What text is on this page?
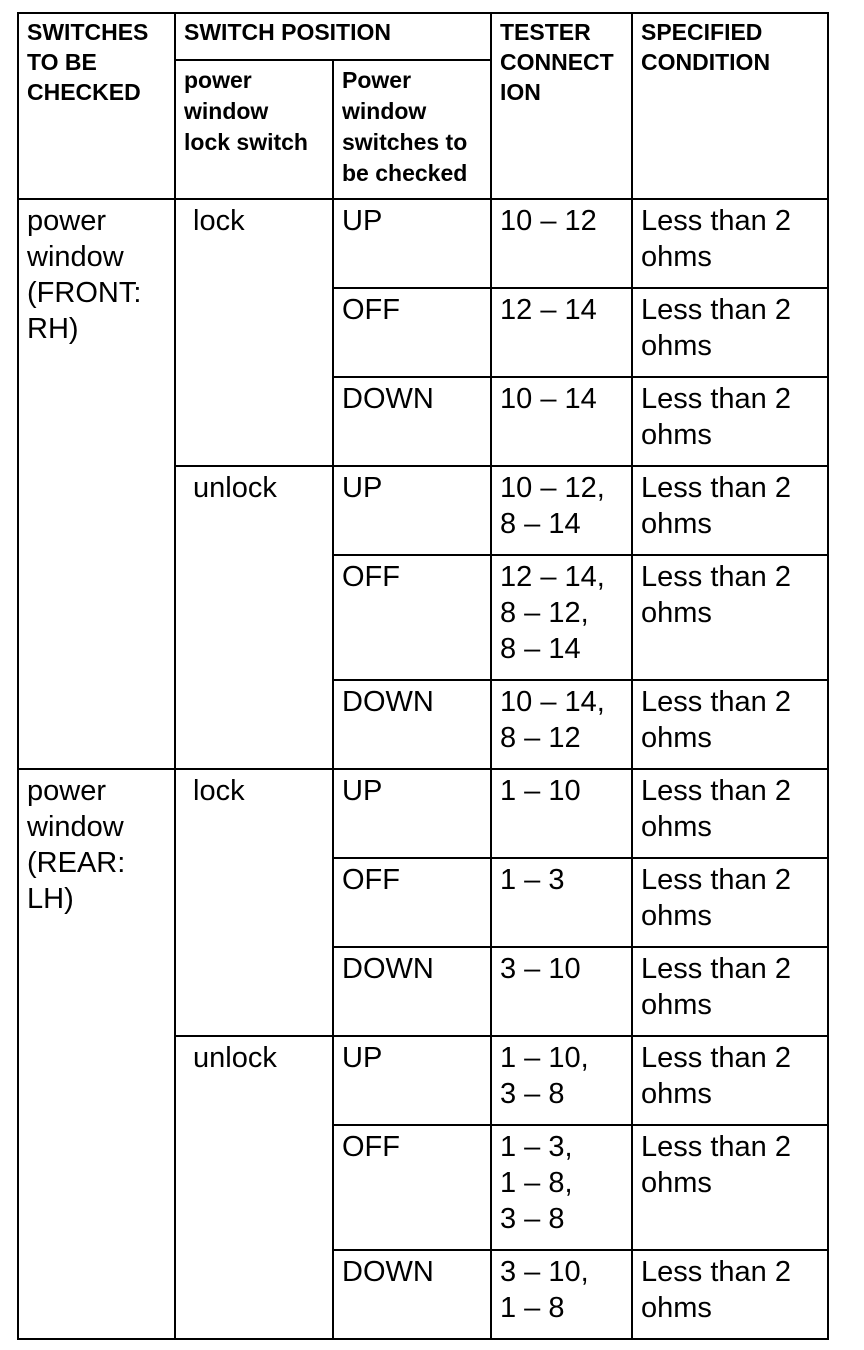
SWITCHES
TO BE
CHECKED	SWITCH POSITION		TESTER
CONNECT
ION	SPECIFIED
CONDITION

	power
window
lock switch	Power
window
switches to
be checked		

power
window
(FRONT:
RH)	lock	UP	10 – 12	Less than 2
ohms

		OFF	12 – 14	Less than 2
ohms

		DOWN	10 – 14	Less than 2
ohms

	unlock	UP	10 – 12,
8 – 14	Less than 2
ohms

		OFF	12 – 14,
8 – 12,
8 – 14	Less than 2
ohms

		DOWN	10 – 14,
8 – 12	Less than 2
ohms

power
window
(REAR:
LH)	lock	UP	1 – 10	Less than 2
ohms

		OFF	1 – 3	Less than 2
ohms

		DOWN	3 – 10	Less than 2
ohms

	unlock	UP	1 – 10,
3 – 8	Less than 2
ohms

		OFF	1 – 3,
1 – 8,
3 – 8	Less than 2
ohms

		DOWN	3 – 10,
1 – 8	Less than 2
ohms
